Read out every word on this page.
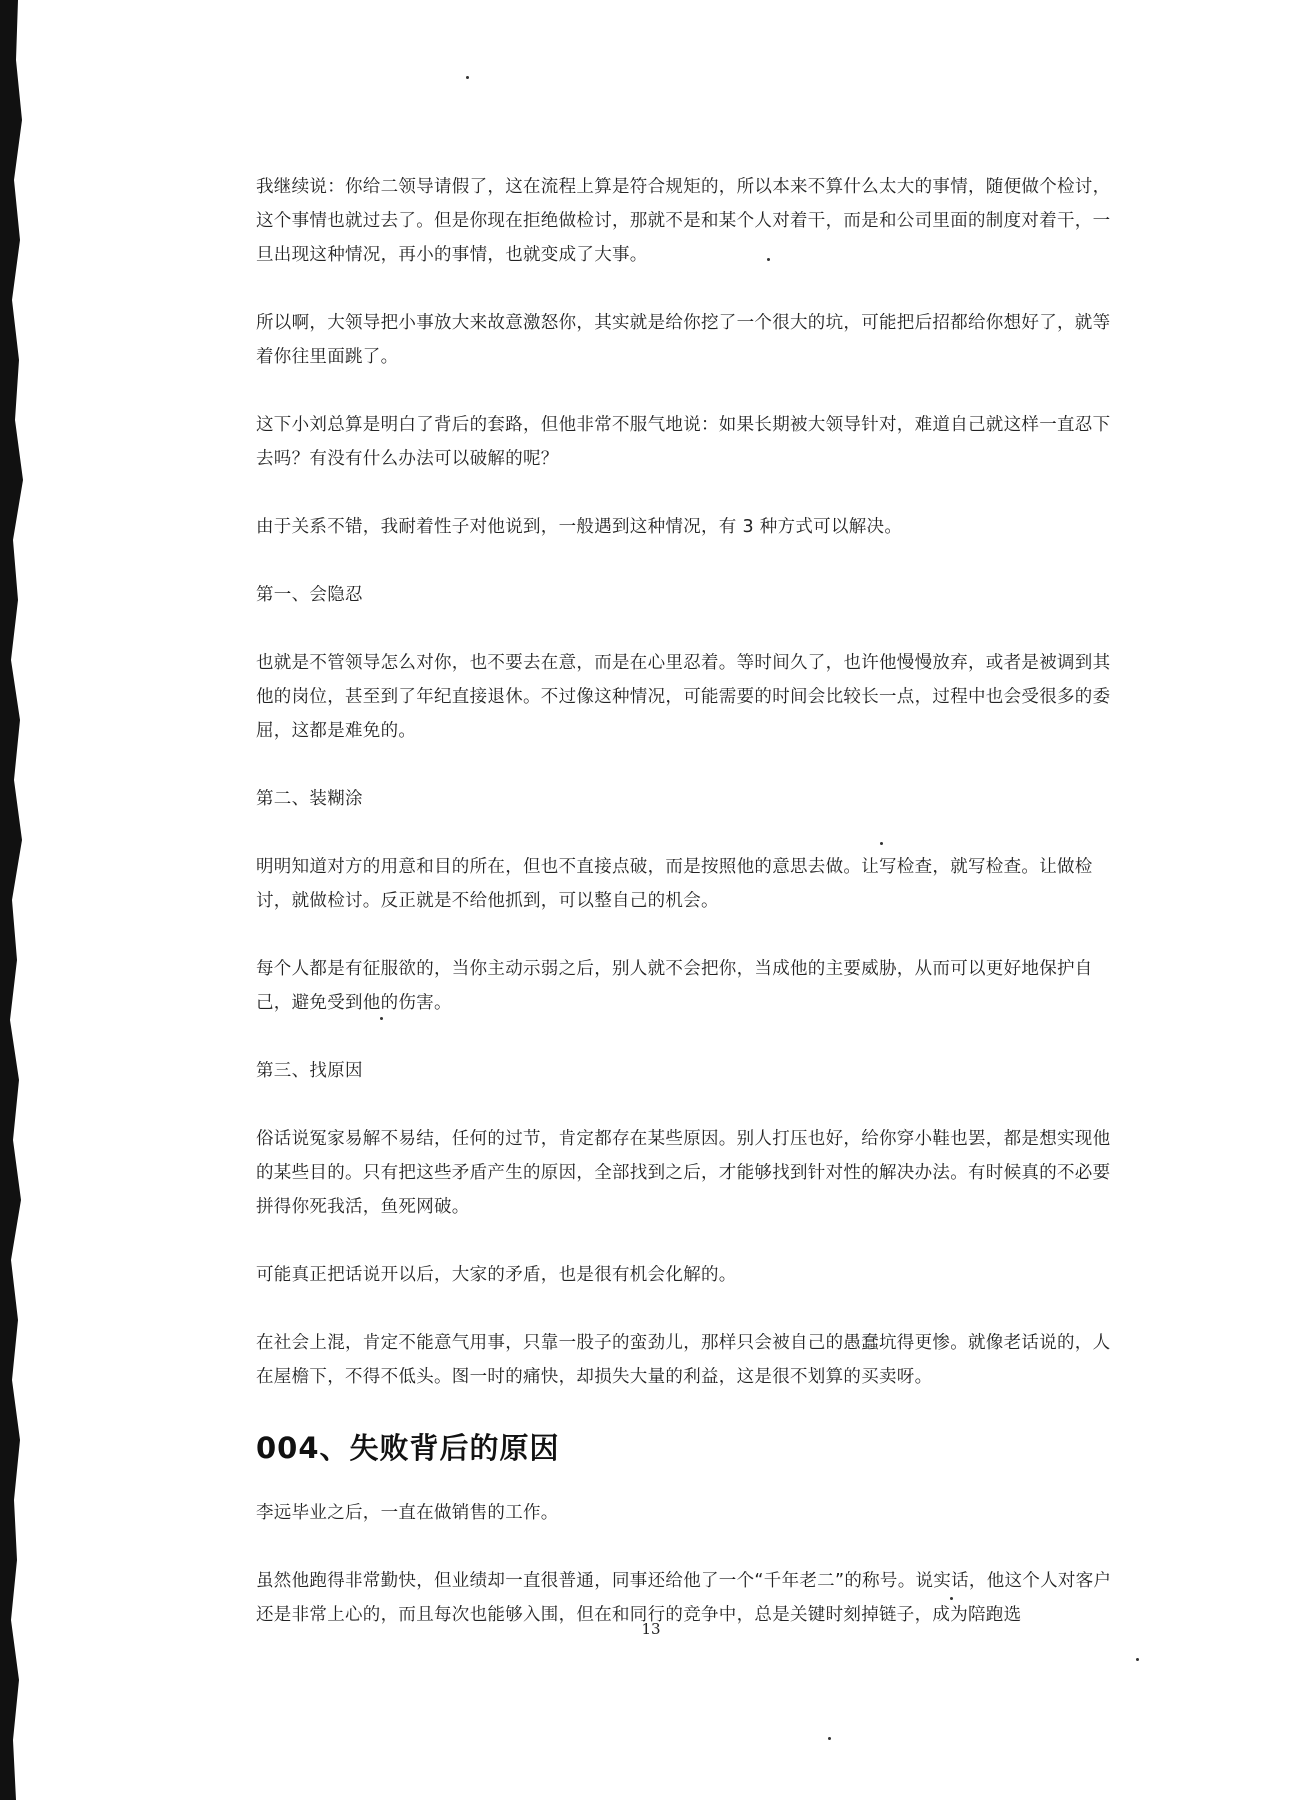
我继续说：你给二领导请假了，这在流程上算是符合规矩的，所以本来不算什么太大的事情，随便做个检讨，这个事情也就过去了。但是你现在拒绝做检讨，那就不是和某个人对着干，而是和公司里面的制度对着干，一旦出现这种情况，再小的事情，也就变成了大事。

所以啊，大领导把小事放大来故意激怒你，其实就是给你挖了一个很大的坑，可能把后招都给你想好了，就等着你往里面跳了。

这下小刘总算是明白了背后的套路，但他非常不服气地说：如果长期被大领导针对，难道自己就这样一直忍下去吗？有没有什么办法可以破解的呢？

由于关系不错，我耐着性子对他说到，一般遇到这种情况，有 3 种方式可以解决。

第一、会隐忍

也就是不管领导怎么对你，也不要去在意，而是在心里忍着。等时间久了，也许他慢慢放弃，或者是被调到其他的岗位，甚至到了年纪直接退休。不过像这种情况，可能需要的时间会比较长一点，过程中也会受很多的委屈，这都是难免的。

第二、装糊涂

明明知道对方的用意和目的所在，但也不直接点破，而是按照他的意思去做。让写检查，就写检查。让做检讨，就做检讨。反正就是不给他抓到，可以整自己的机会。

每个人都是有征服欲的，当你主动示弱之后，别人就不会把你，当成他的主要威胁，从而可以更好地保护自己，避免受到他的伤害。

第三、找原因

俗话说冤家易解不易结，任何的过节，肯定都存在某些原因。别人打压也好，给你穿小鞋也罢，都是想实现他的某些目的。只有把这些矛盾产生的原因，全部找到之后，才能够找到针对性的解决办法。有时候真的不必要拼得你死我活，鱼死网破。

可能真正把话说开以后，大家的矛盾，也是很有机会化解的。

在社会上混，肯定不能意气用事，只靠一股子的蛮劲儿，那样只会被自己的愚蠢坑得更惨。就像老话说的，人在屋檐下，不得不低头。图一时的痛快，却损失大量的利益，这是很不划算的买卖呀。

004、失败背后的原因

李远毕业之后，一直在做销售的工作。

虽然他跑得非常勤快，但业绩却一直很普通，同事还给他了一个“千年老二”的称号。说实话，他这个人对客户还是非常上心的，而且每次也能够入围，但在和同行的竞争中，总是关键时刻掉链子，成为陪跑选

13
